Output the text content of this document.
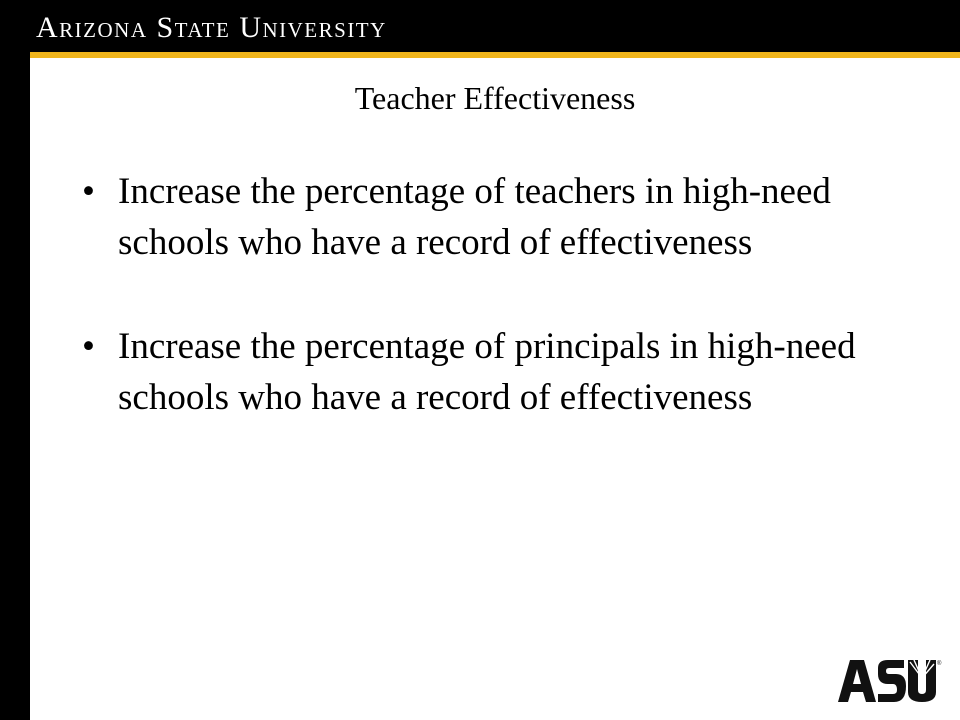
Arizona State University
Teacher Effectiveness
• Increase the percentage of teachers in high-need schools who have a record of effectiveness
• Increase the percentage of principals in high-need schools who have a record of effectiveness
®
